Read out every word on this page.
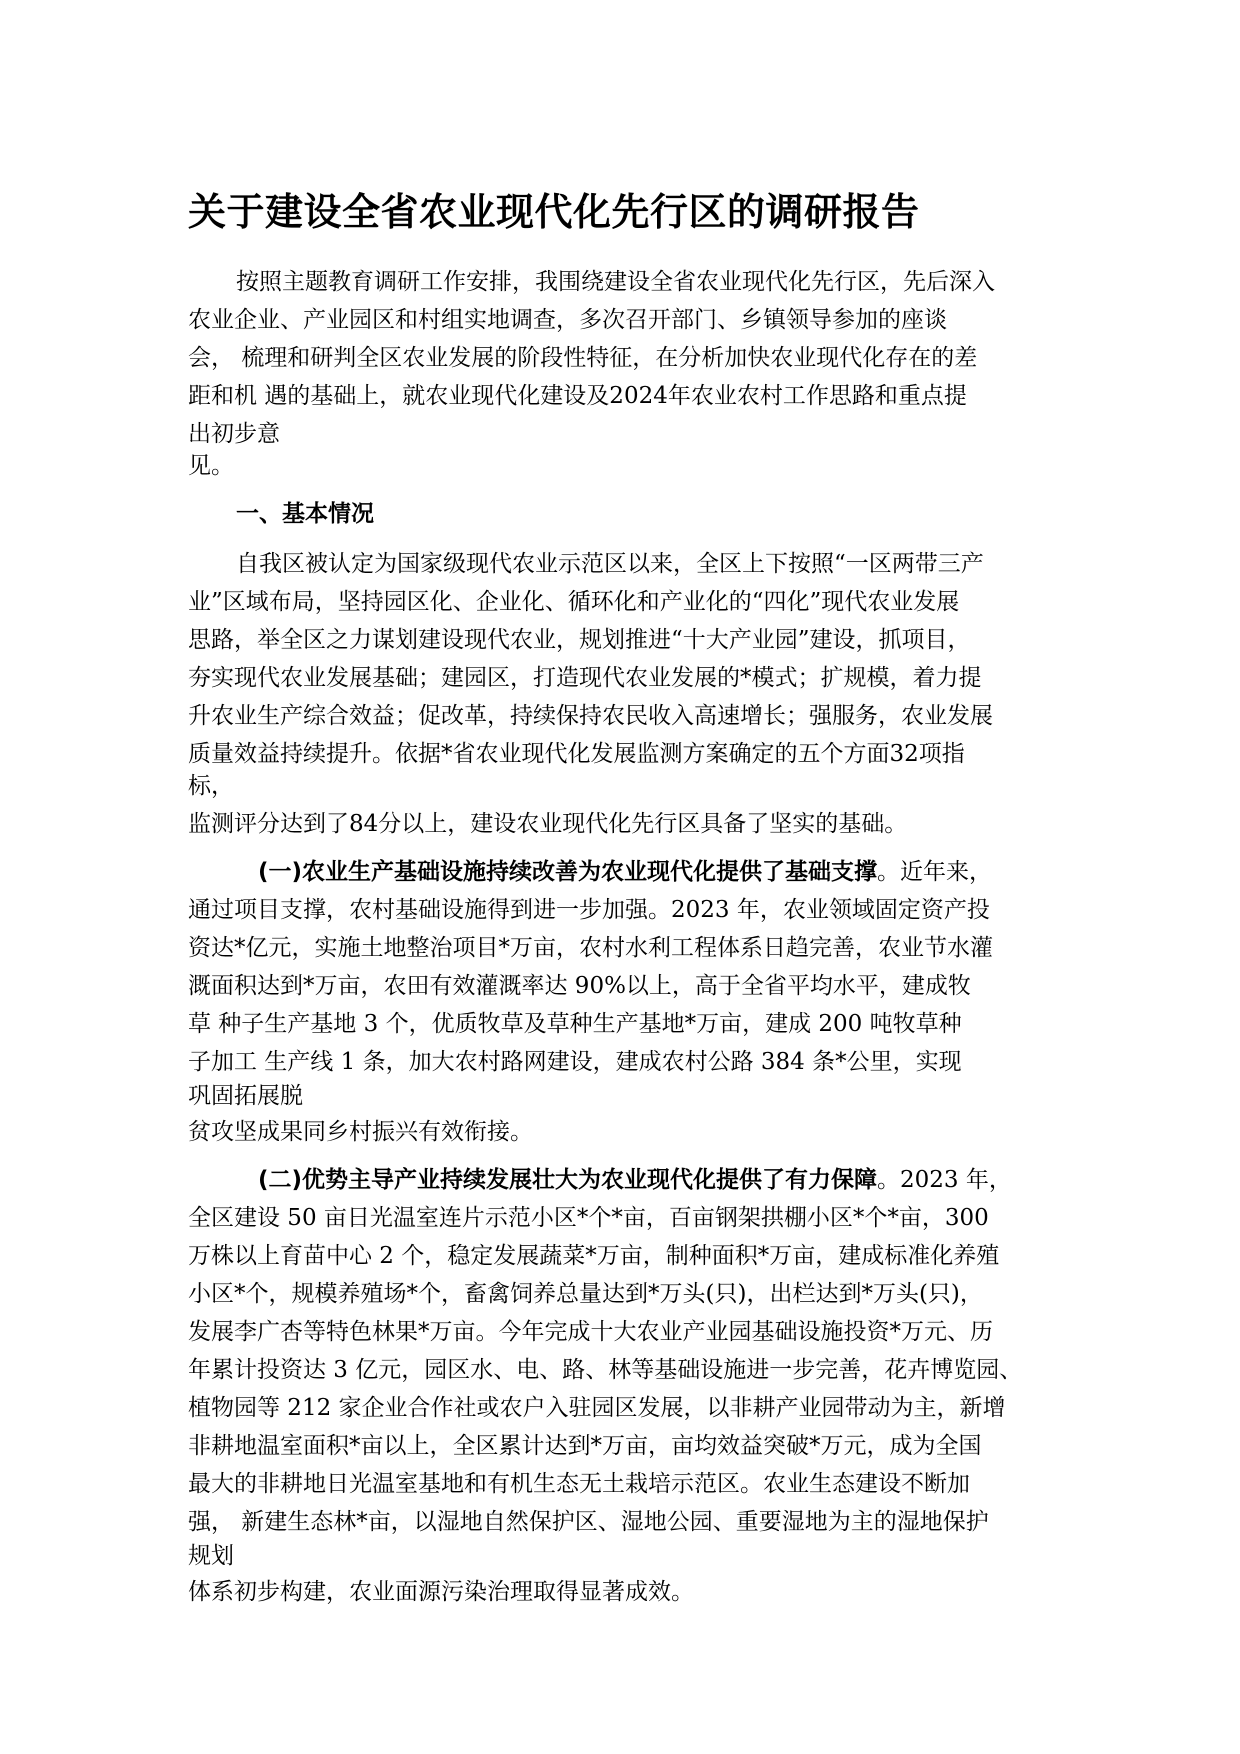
关于建设全省农业现代化先行区的调研报告
按照主题教育调研工作安排，我围绕建设全省农业现代化先行区，先后深入
农业企业、产业园区和村组实地调查，多次召开部门、乡镇领导参加的座谈
会， 梳理和研判全区农业发展的阶段性特征，在分析加快农业现代化存在的差
距和机 遇的基础上，就农业现代化建设及2024年农业农村工作思路和重点提
出初步意
见。
一、基本情况
自我区被认定为国家级现代农业示范区以来，全区上下按照“一区两带三产
业”区域布局，坚持园区化、企业化、循环化和产业化的“四化”现代农业发展
思路，举全区之力谋划建设现代农业，规划推进“十大产业园”建设，抓项目，
夯实现代农业发展基础；建园区，打造现代农业发展的*模式；扩规模，着力提
升农业生产综合效益；促改革，持续保持农民收入高速增长；强服务，农业发展
质量效益持续提升。依据*省农业现代化发展监测方案确定的五个方面32项指
标，
监测评分达到了84分以上，建设农业现代化先行区具备了坚实的基础。
(一)农业生产基础设施持续改善为农业现代化提供了基础支撑。近年来，
通过项目支撑，农村基础设施得到进一步加强。2023 年，农业领域固定资产投
资达*亿元，实施土地整治项目*万亩，农村水利工程体系日趋完善，农业节水灌
溉面积达到*万亩，农田有效灌溉率达 90%以上，高于全省平均水平，建成牧
草 种子生产基地 3 个，优质牧草及草种生产基地*万亩，建成 200 吨牧草种
子加工 生产线 1 条，加大农村路网建设，建成农村公路 384 条*公里，实现
巩固拓展脱
贫攻坚成果同乡村振兴有效衔接。
(二)优势主导产业持续发展壮大为农业现代化提供了有力保障。2023 年，
全区建设 50 亩日光温室连片示范小区*个*亩，百亩钢架拱棚小区*个*亩，300
万株以上育苗中心 2 个，稳定发展蔬菜*万亩，制种面积*万亩，建成标准化养殖
小区*个，规模养殖场*个，畜禽饲养总量达到*万头(只)，出栏达到*万头(只)，
发展李广杏等特色林果*万亩。今年完成十大农业产业园基础设施投资*万元、历
年累计投资达 3 亿元，园区水、电、路、林等基础设施进一步完善，花卉博览园、
植物园等 212 家企业合作社或农户入驻园区发展，以非耕产业园带动为主，新增
非耕地温室面积*亩以上，全区累计达到*万亩，亩均效益突破*万元，成为全国
最大的非耕地日光温室基地和有机生态无土栽培示范区。农业生态建设不断加
强， 新建生态林*亩，以湿地自然保护区、湿地公园、重要湿地为主的湿地保护
规划
体系初步构建，农业面源污染治理取得显著成效。
